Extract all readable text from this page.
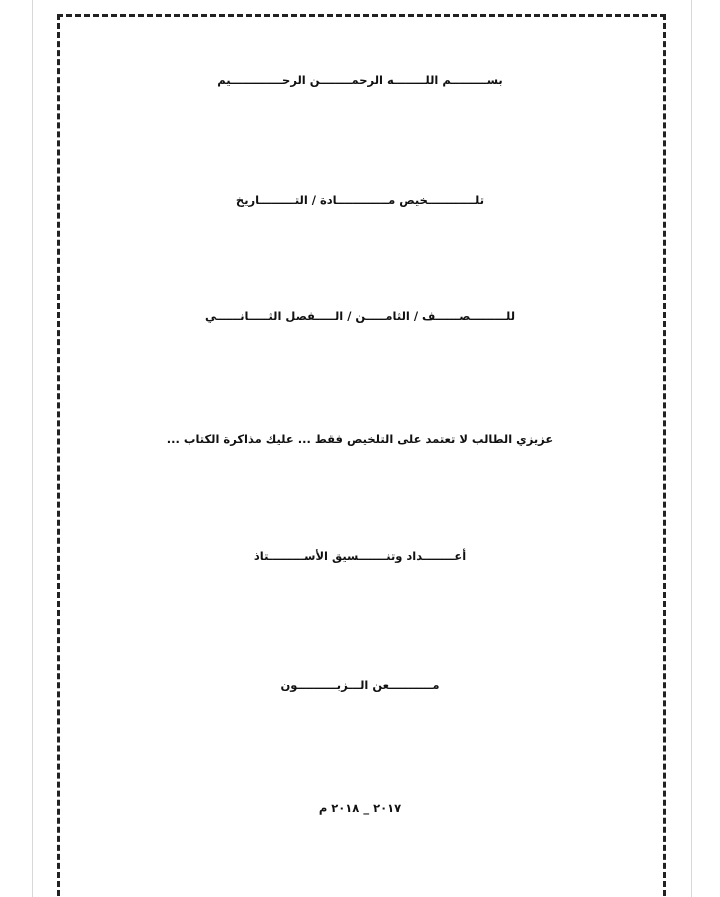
بســـــــــم اللــــــــه الرحمــــــــن الرحـــــــــــــيم
تلــــــــــــخيص مـــــــــــــادة / التـــــــــاريخ
للـــــــــصــــــف / الثامـــــن / الـــــفصل الثـــــانــــــي
عزيزي الطالب لا تعتمد على التلخيص فقط ... عليك مذاكرة الكتاب ...
أعــــــــداد وتنـــــــسيق الأســـــــــتاذ
مـــــــــــعن الـــزبــــــــــون
٢٠١٧ _ ٢٠١٨ م
